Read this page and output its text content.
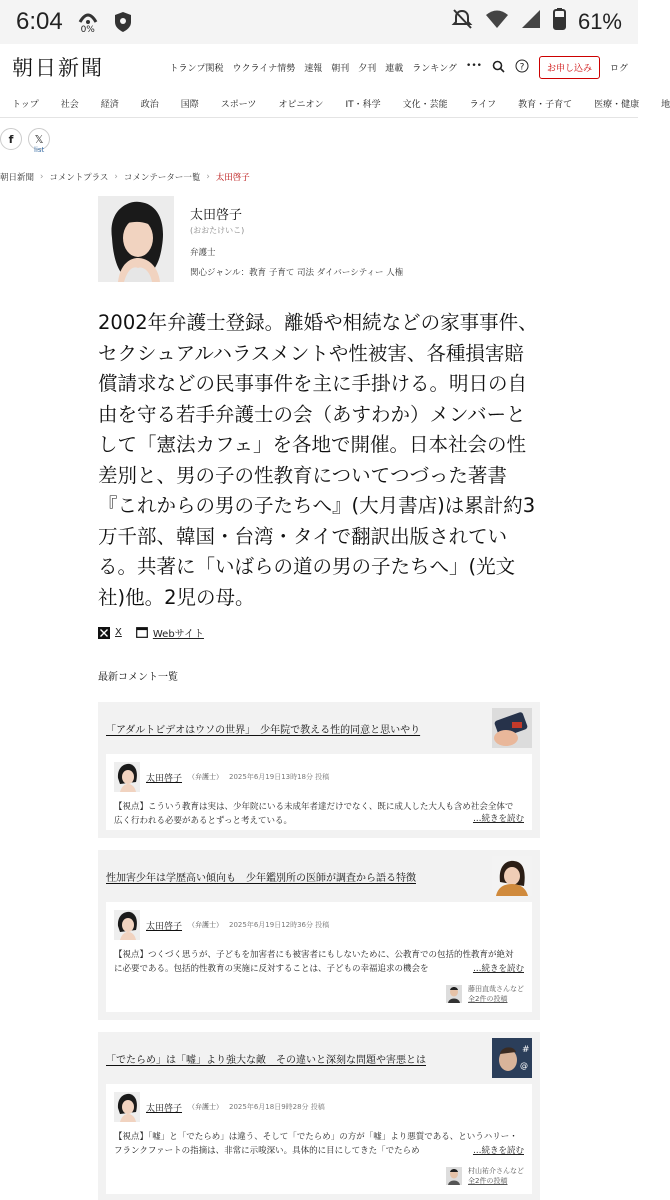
6:04 0%	61%
朝日新聞	トランプ関税 ウクライナ情勢 速報 朝刊 夕刊 連載 ランキング •••	?	お申し込み	ログ
トップ 社会 経済 政治 国際 スポーツ オピニオン IT・科学 文化・芸能 ライフ 教育・子育て 医療・健康 地
f	𝕏
list
朝日新聞 › コメントプラス › コメンテーター一覧 › 太田啓子
太田啓子
(おおたけいこ)
弁護士
関心ジャンル：教育 子育て 司法 ダイバーシティー 人権
2002年弁護士登録。離婚や相続などの家事事件、セクシュアルハラスメントや性被害、各種損害賠償請求などの民事事件を主に手掛ける。明日の自由を守る若手弁護士の会（あすわか）メンバーとして「憲法カフェ」を各地で開催。日本社会の性差別と、男の子の性教育についてつづった著書『これからの男の子たちへ』(大月書店)は累計約3万千部、韓国・台湾・タイで翻訳出版されている。共著に「いばらの道の男の子たちへ」(光文社)他。2児の母。
X	Webサイト
最新コメント一覧
「アダルトビデオはウソの世界」　少年院で教える性的同意と思いやり
太田啓子 （弁護士） 2025年6月19日13時18分 投稿
【視点】こういう教育は実は、少年院にいる未成年者達だけでなく、既に成人した大人も含め社会全体で広く行われる必要があるとずっと考えている。	…続きを読む
性加害少年は学歴高い傾向も　少年鑑別所の医師が調査から語る特徴
太田啓子 （弁護士） 2025年6月19日12時36分 投稿
【視点】つくづく思うが、子どもを加害者にも被害者にもしないために、公教育での包括的性教育が絶対に必要である。包括的性教育の実施に反対することは、子どもの幸福追求の機会を	…続きを読む
藤田直哉さんなど
全2件の投稿
「でたらめ」は「嘘」より強大な敵　その違いと深刻な問題や害悪とは
#
@
太田啓子 （弁護士） 2025年6月18日9時28分 投稿
【視点】「嘘」と「でたらめ」は違う、そして「でたらめ」の方が「嘘」より悪質である、というハリー・フランクファートの指摘は、非常に示唆深い。具体的に目にしてきた「でたらめ	…続きを読む
村山祐介さんなど
全2件の投稿
